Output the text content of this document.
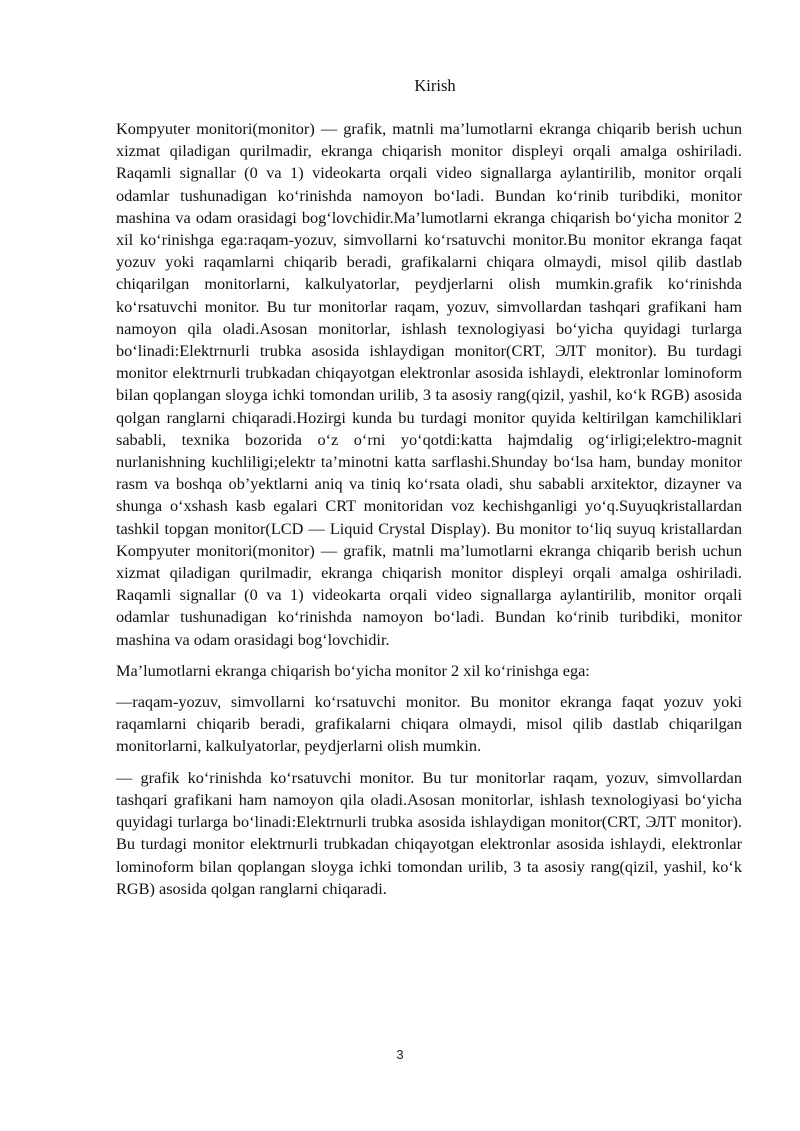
Kirish

Kompyuter monitori(monitor) — grafik, matnli ma’lumotlarni ekranga chiqarib berish uchun xizmat qiladigan qurilmadir, ekranga chiqarish monitor displeyi orqali amalga oshiriladi. Raqamli signallar (0 va 1) videokarta orqali video signallarga aylantirilib, monitor orqali odamlar tushunadigan ko‘rinishda namoyon bo‘ladi. Bundan ko‘rinib turibdiki, monitor mashina va odam orasidagi bog‘lovchidir.Ma’lumotlarni ekranga chiqarish bo‘yicha monitor 2 xil ko‘rinishga ega:raqam-yozuv, simvollarni ko‘rsatuvchi monitor.Bu monitor ekranga faqat yozuv yoki raqamlarni chiqarib beradi, grafikalarni chiqara olmaydi, misol qilib dastlab chiqarilgan monitorlarni, kalkulyatorlar, peydjerlarni olish mumkin.grafik ko‘rinishda ko‘rsatuvchi monitor. Bu tur monitorlar raqam, yozuv, simvollardan tashqari grafikani ham namoyon qila oladi.Asosan monitorlar, ishlash texnologiyasi bo‘yicha quyidagi turlarga bo‘linadi:Elektrnurli trubka asosida ishlaydigan monitor(CRT, ЭЛТ monitor). Bu turdagi monitor elektrnurli trubkadan chiqayotgan elektronlar asosida ishlaydi, elektronlar lominoform bilan qoplangan sloyga ichki tomondan urilib, 3 ta asosiy rang(qizil, yashil, ko‘k RGB) asosida qolgan ranglarni chiqaradi.Hozirgi kunda bu turdagi monitor quyida keltirilgan kamchiliklari sababli, texnika bozorida o‘z o‘rni yo‘qotdi:katta hajmdalig og‘irligi;elektro-magnit nurlanishning kuchliligi;elektr ta’minotni katta sarflashi.Shunday bo‘lsa ham, bunday monitor rasm va boshqa ob’yektlarni aniq va tiniq ko‘rsata oladi, shu sababli arxitektor, dizayner va shunga o‘xshash kasb egalari CRT monitoridan voz kechishganligi yo‘q.Suyuqkristallardan tashkil topgan monitor(LCD — Liquid Crystal Display). Bu monitor to‘liq suyuq kristallardan Kompyuter monitori(monitor) — grafik, matnli ma’lumotlarni ekranga chiqarib berish uchun xizmat qiladigan qurilmadir, ekranga chiqarish monitor displeyi orqali amalga oshiriladi. Raqamli signallar (0 va 1) videokarta orqali video signallarga aylantirilib, monitor orqali odamlar tushunadigan ko‘rinishda namoyon bo‘ladi. Bundan ko‘rinib turibdiki, monitor mashina va odam orasidagi bog‘lovchidir.

Ma’lumotlarni ekranga chiqarish bo‘yicha monitor 2 xil ko‘rinishga ega:

—raqam-yozuv, simvollarni ko‘rsatuvchi monitor. Bu monitor ekranga faqat yozuv yoki raqamlarni chiqarib beradi, grafikalarni chiqara olmaydi, misol qilib dastlab chiqarilgan monitorlarni, kalkulyatorlar, peydjerlarni olish mumkin.

— grafik ko‘rinishda ko‘rsatuvchi monitor. Bu tur monitorlar raqam, yozuv, simvollardan tashqari grafikani ham namoyon qila oladi.Asosan monitorlar, ishlash texnologiyasi bo‘yicha quyidagi turlarga bo‘linadi:Elektrnurli trubka asosida ishlaydigan monitor(CRT, ЭЛТ monitor). Bu turdagi monitor elektrnurli trubkadan chiqayotgan elektronlar asosida ishlaydi, elektronlar lominoform bilan qoplangan sloyga ichki tomondan urilib, 3 ta asosiy rang(qizil, yashil, ko‘k RGB) asosida qolgan ranglarni chiqaradi.

3
